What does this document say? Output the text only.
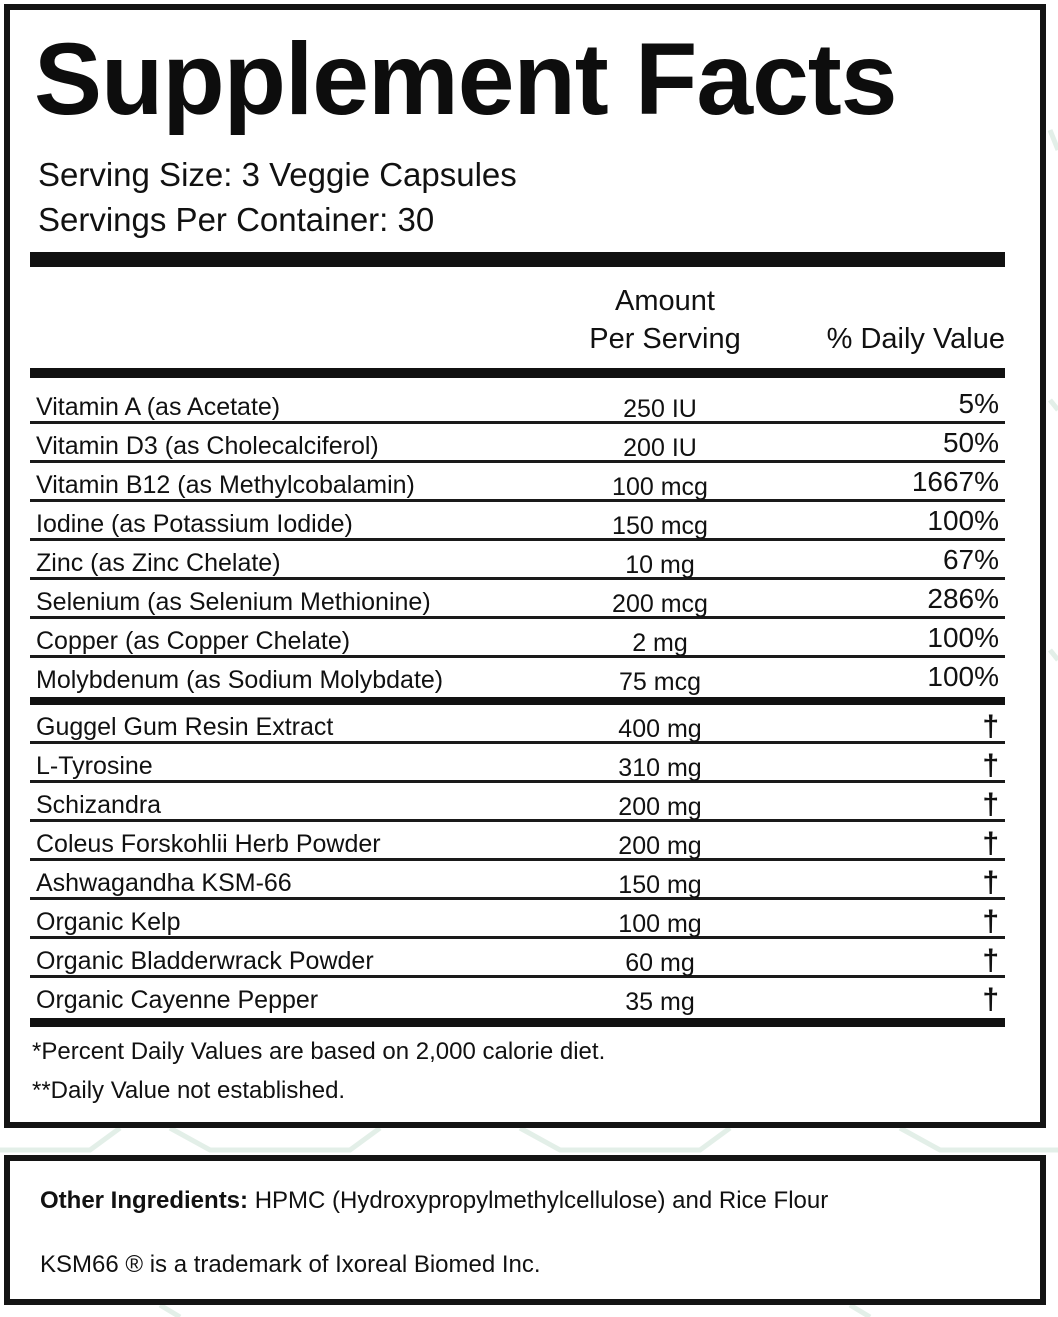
Supplement Facts
Serving Size: 3 Veggie Capsules
Servings Per Container: 30
Amount
Per Serving	% Daily Value
Vitamin A (as Acetate)	250 IU	5%
Vitamin D3 (as Cholecalciferol)	200 IU	50%
Vitamin B12 (as Methylcobalamin)	100 mcg	1667%
Iodine (as Potassium Iodide)	150 mcg	100%
Zinc (as Zinc Chelate)	10 mg	67%
Selenium (as Selenium Methionine)	200 mcg	286%
Copper (as Copper Chelate)	2 mg	100%
Molybdenum (as Sodium Molybdate)	75 mcg	100%
Guggel Gum Resin Extract	400 mg	†
L-Tyrosine	310 mg	†
Schizandra	200 mg	†
Coleus Forskohlii Herb Powder	200 mg	†
Ashwagandha KSM-66	150 mg	†
Organic Kelp	100 mg	†
Organic Bladderwrack Powder	60 mg	†
Organic Cayenne Pepper	35 mg	†
*Percent Daily Values are based on 2,000 calorie diet.
**Daily Value not established.
Other Ingredients: HPMC (Hydroxypropylmethylcellulose) and Rice Flour
KSM66 ® is a trademark of Ixoreal Biomed Inc.
